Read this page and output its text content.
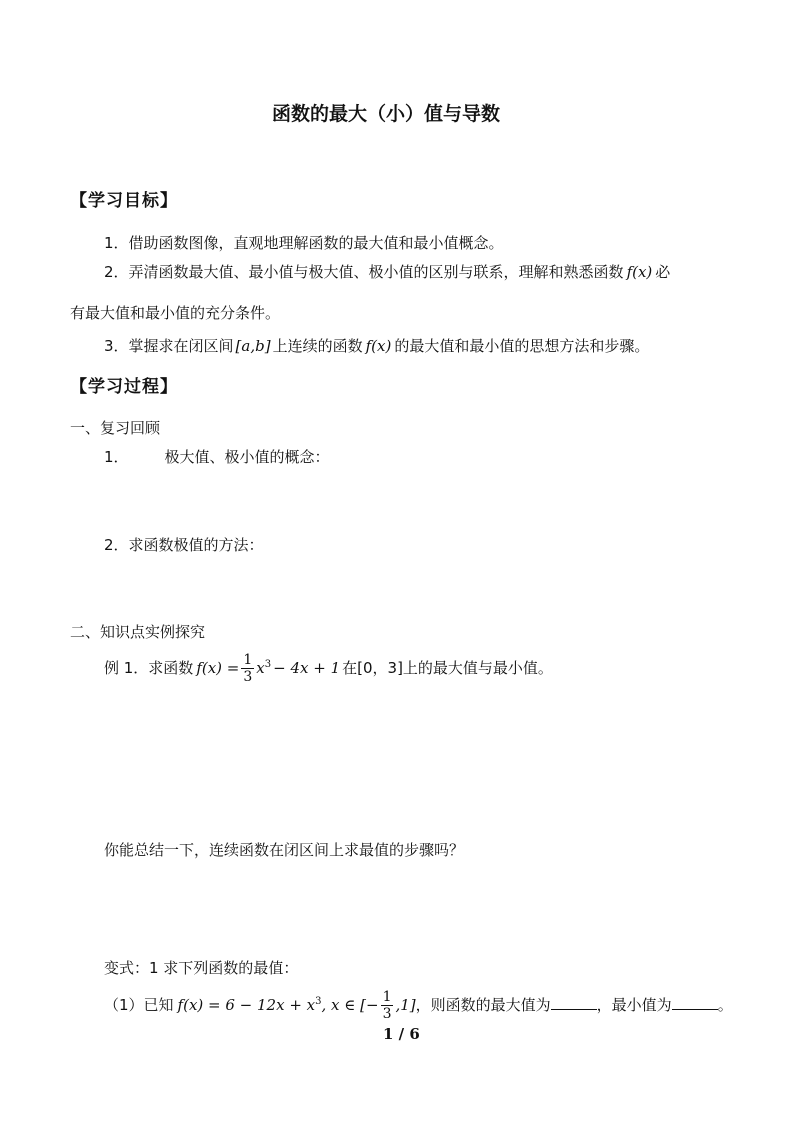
函数的最大（小）值与导数
【学习目标】
1．借助函数图像，直观地理解函数的最大值和最小值概念。
2．弄清函数最大值、最小值与极大值、极小值的区别与联系，理解和熟悉函数 f(x) 必
有最大值和最小值的充分条件。
3．掌握求在闭区间 [a,b] 上连续的函数 f(x) 的最大值和最小值的思想方法和步骤。
【学习过程】
一、复习回顾
1． 极大值、极小值的概念：
2．求函数极值的方法：
二、知识点实例探究
例 1．求函数 $f(x) = \frac{1}{3} x^3 - 4x + 1$ 在[0，3]上的最大值与最小值。
你能总结一下，连续函数在闭区间上求最值的步骤吗？
变式：1 求下列函数的最值：
（1）已知 $f(x) = 6 - 12x + x^3$, x ∈ [− $\frac{1}{3} ,1$]，则函数的最大值为	，最小值为	。
1 / 6
